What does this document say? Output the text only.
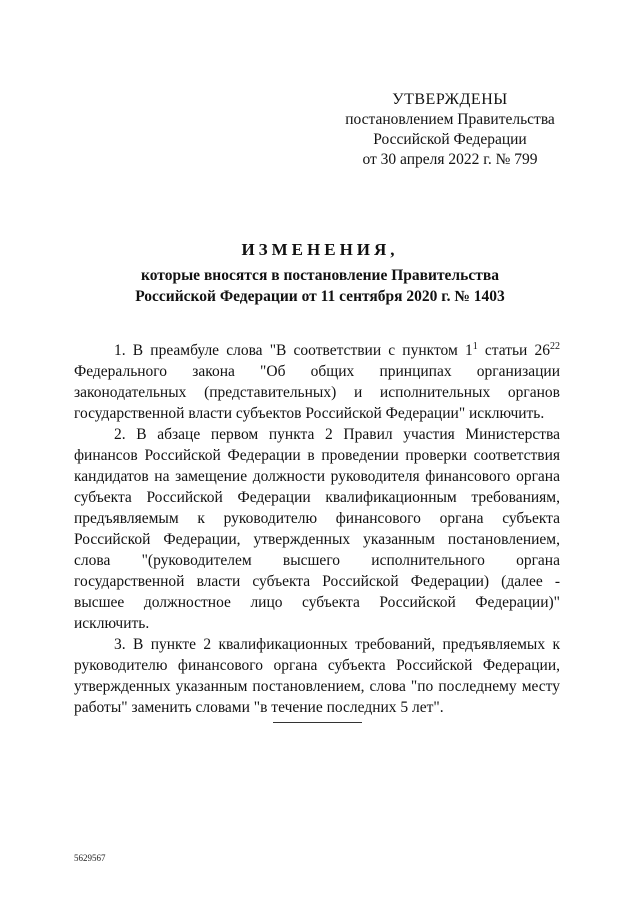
УТВЕРЖДЕНЫ
постановлением Правительства
Российской Федерации
от 30 апреля 2022 г. № 799
ИЗМЕНЕНИЯ,
которые вносятся в постановление Правительства
Российской Федерации от 11 сентября 2020 г. № 1403

1. В преамбуле слова "В соответствии с пунктом $1^1$ статьи $26^{22}$ Федерального закона "Об общих принципах организации законодательных (представительных) и исполнительных органов государственной власти субъектов Российской Федерации" исключить.

2. В абзаце первом пункта 2 Правил участия Министерства финансов Российской Федерации в проведении проверки соответствия кандидатов на замещение должности руководителя финансового органа субъекта Российской Федерации квалификационным требованиям, предъявляемым к руководителю финансового органа субъекта Российской Федерации, утвержденных указанным постановлением, слова "(руководителем высшего исполнительного органа государственной власти субъекта Российской Федерации) (далее - высшее должностное лицо субъекта Российской Федерации)" исключить.

3. В пункте 2 квалификационных требований, предъявляемых к руководителю финансового органа субъекта Российской Федерации, утвержденных указанным постановлением, слова "по последнему месту работы" заменить словами "в течение последних 5 лет".

5629567
